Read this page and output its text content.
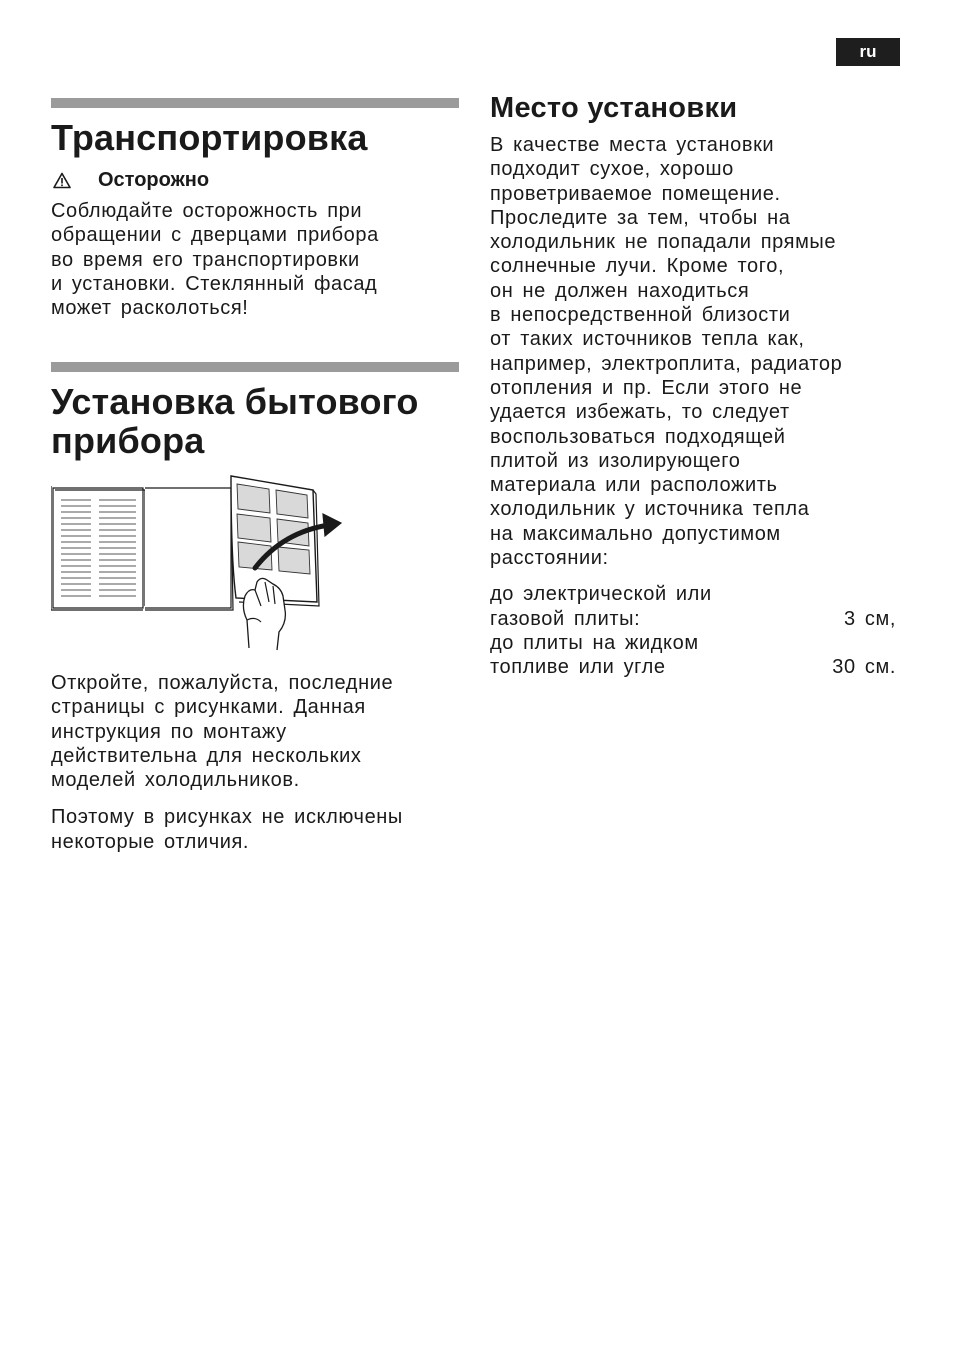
ru
Транспортировка
Осторожно

Соблюдайте осторожность при
обращении с дверцами прибора
во время его транспортировки
и установки. Стеклянный фасад
может расколоться!

Установка бытового
прибора

Откройте, пожалуйста, последние
страницы с рисунками. Данная
инструкция по монтажу
действительна для нескольких
моделей холодильников.

Поэтому в рисунках не исключены
некоторые отличия.

Место установки

В качестве места установки
подходит сухое, хорошо
проветриваемое помещение.
Проследите за тем, чтобы на
холодильник не попадали прямые
солнечные лучи. Кроме того,
он не должен находиться
в непосредственной близости
от таких источников тепла как,
например, электроплита, радиатор
отопления и пр. Если этого не
удается избежать, то следует
воспользоваться подходящей
плитой из изолирующего
материала или расположить
холодильник у источника тепла
на максимально допустимом
расстоянии:

до электрической или
газовой плиты:	3 см,
до плиты на жидком
топливе или угле	30 см.
